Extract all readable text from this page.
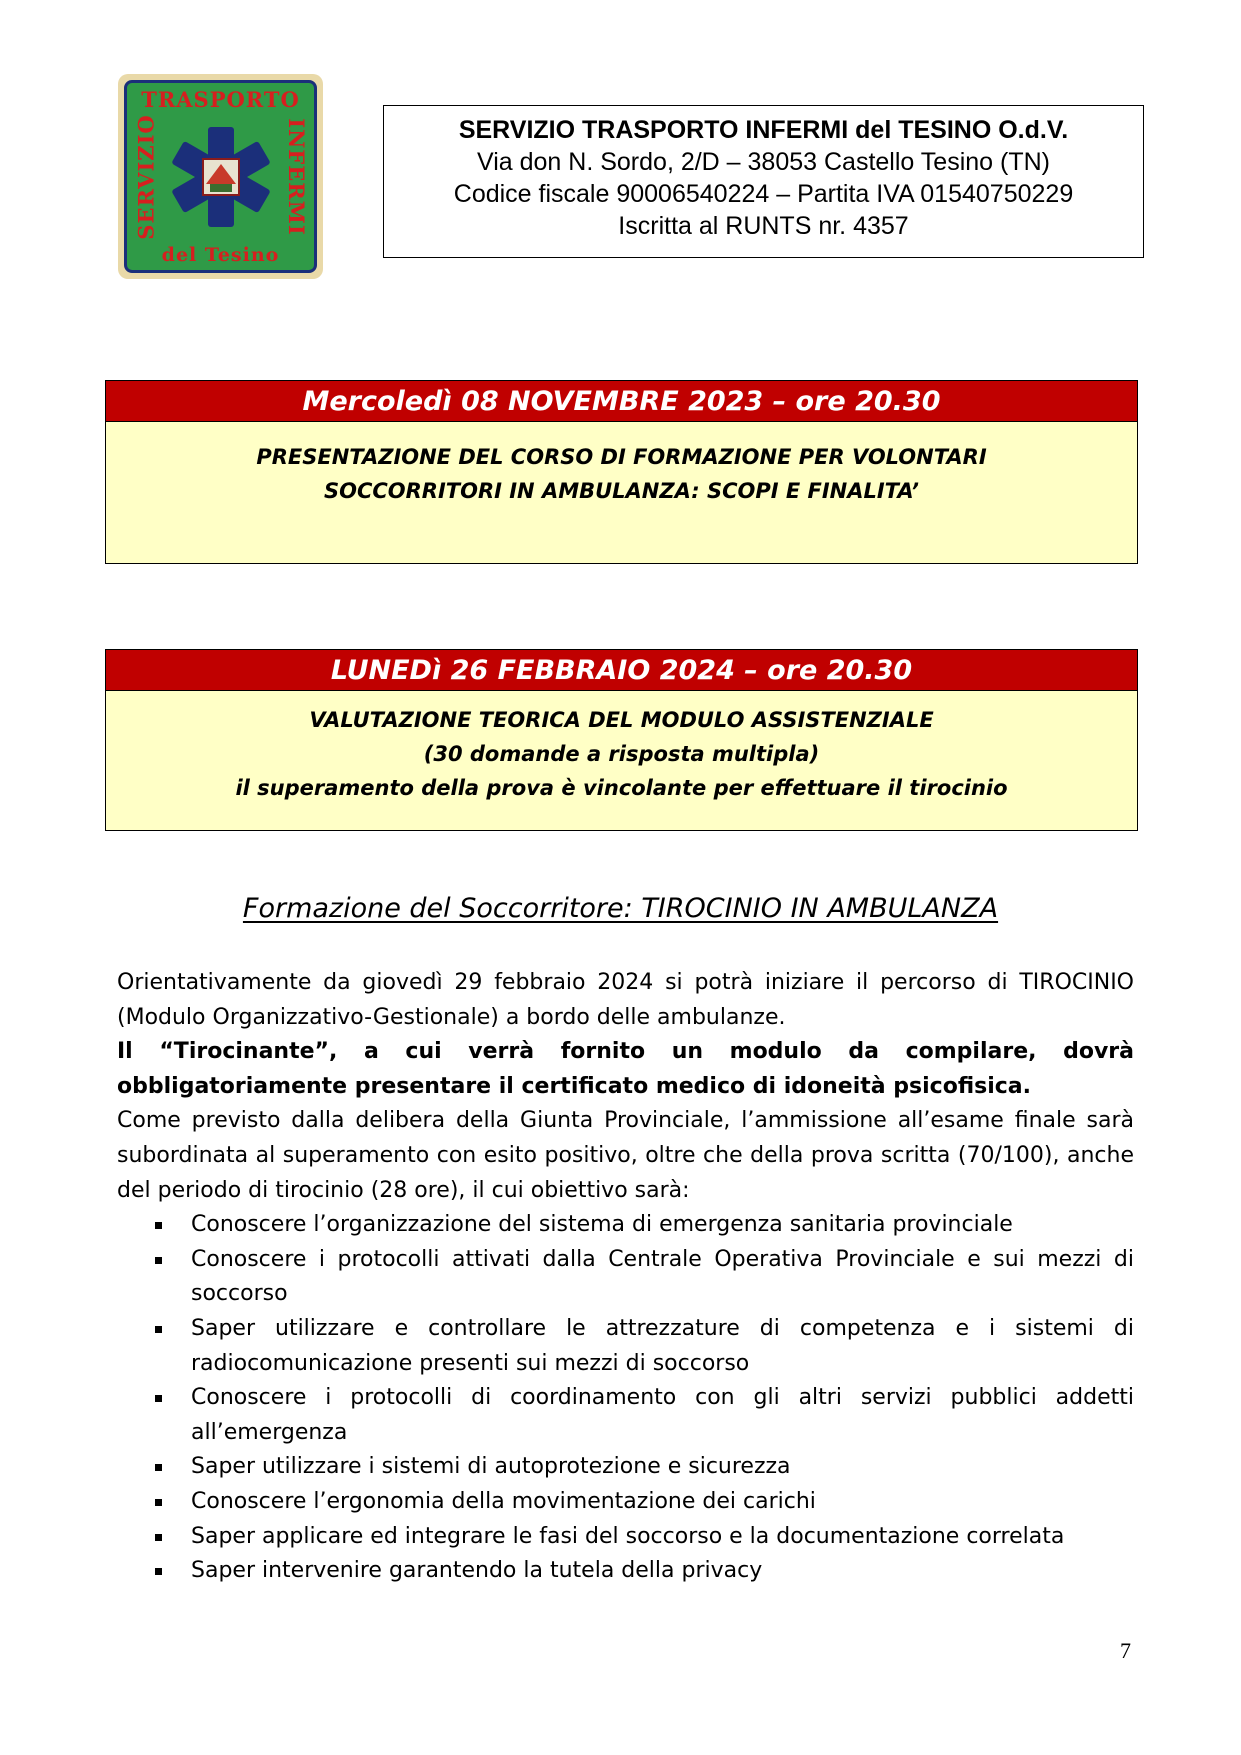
TRASPORTO
SERVIZIO	INFERMI
del Tesino
SERVIZIO TRASPORTO INFERMI del TESINO O.d.V.
Via don N. Sordo, 2/D – 38053 Castello Tesino (TN)
Codice fiscale 90006540224 – Partita IVA 01540750229
Iscritta al RUNTS nr. 4357
Mercoledì 08 NOVEMBRE 2023 – ore 20.30
PRESENTAZIONE DEL CORSO DI FORMAZIONE PER VOLONTARI
SOCCORRITORI IN AMBULANZA: SCOPI E FINALITA’
LUNEDì 26 FEBBRAIO 2024 – ore 20.30
VALUTAZIONE TEORICA DEL MODULO ASSISTENZIALE
(30 domande a risposta multipla)
il superamento della prova è vincolante per effettuare il tirocinio
Formazione del Soccorritore: TIROCINIO IN AMBULANZA

Orientativamente da giovedì 29 febbraio 2024 si potrà iniziare il percorso di TIROCINIO (Modulo Organizzativo-Gestionale) a bordo delle ambulanze.

Il “Tirocinante”, a cui verrà fornito un modulo da compilare, dovrà obbligatoriamente presentare il certificato medico di idoneità psicofisica.

Come previsto dalla delibera della Giunta Provinciale, l’ammissione all’esame finale sarà subordinata al superamento con esito positivo, oltre che della prova scritta (70/100), anche del periodo di tirocinio (28 ore), il cui obiettivo sarà:

Conoscere l’organizzazione del sistema di emergenza sanitaria provinciale
Conoscere i protocolli attivati dalla Centrale Operativa Provinciale e sui mezzi di soccorso
Saper utilizzare e controllare le attrezzature di competenza e i sistemi di radiocomunicazione presenti sui mezzi di soccorso
Conoscere i protocolli di coordinamento con gli altri servizi pubblici addetti all’emergenza
Saper utilizzare i sistemi di autoprotezione e sicurezza
Conoscere l’ergonomia della movimentazione dei carichi
Saper applicare ed integrare le fasi del soccorso e la documentazione correlata
Saper intervenire garantendo la tutela della privacy
7
